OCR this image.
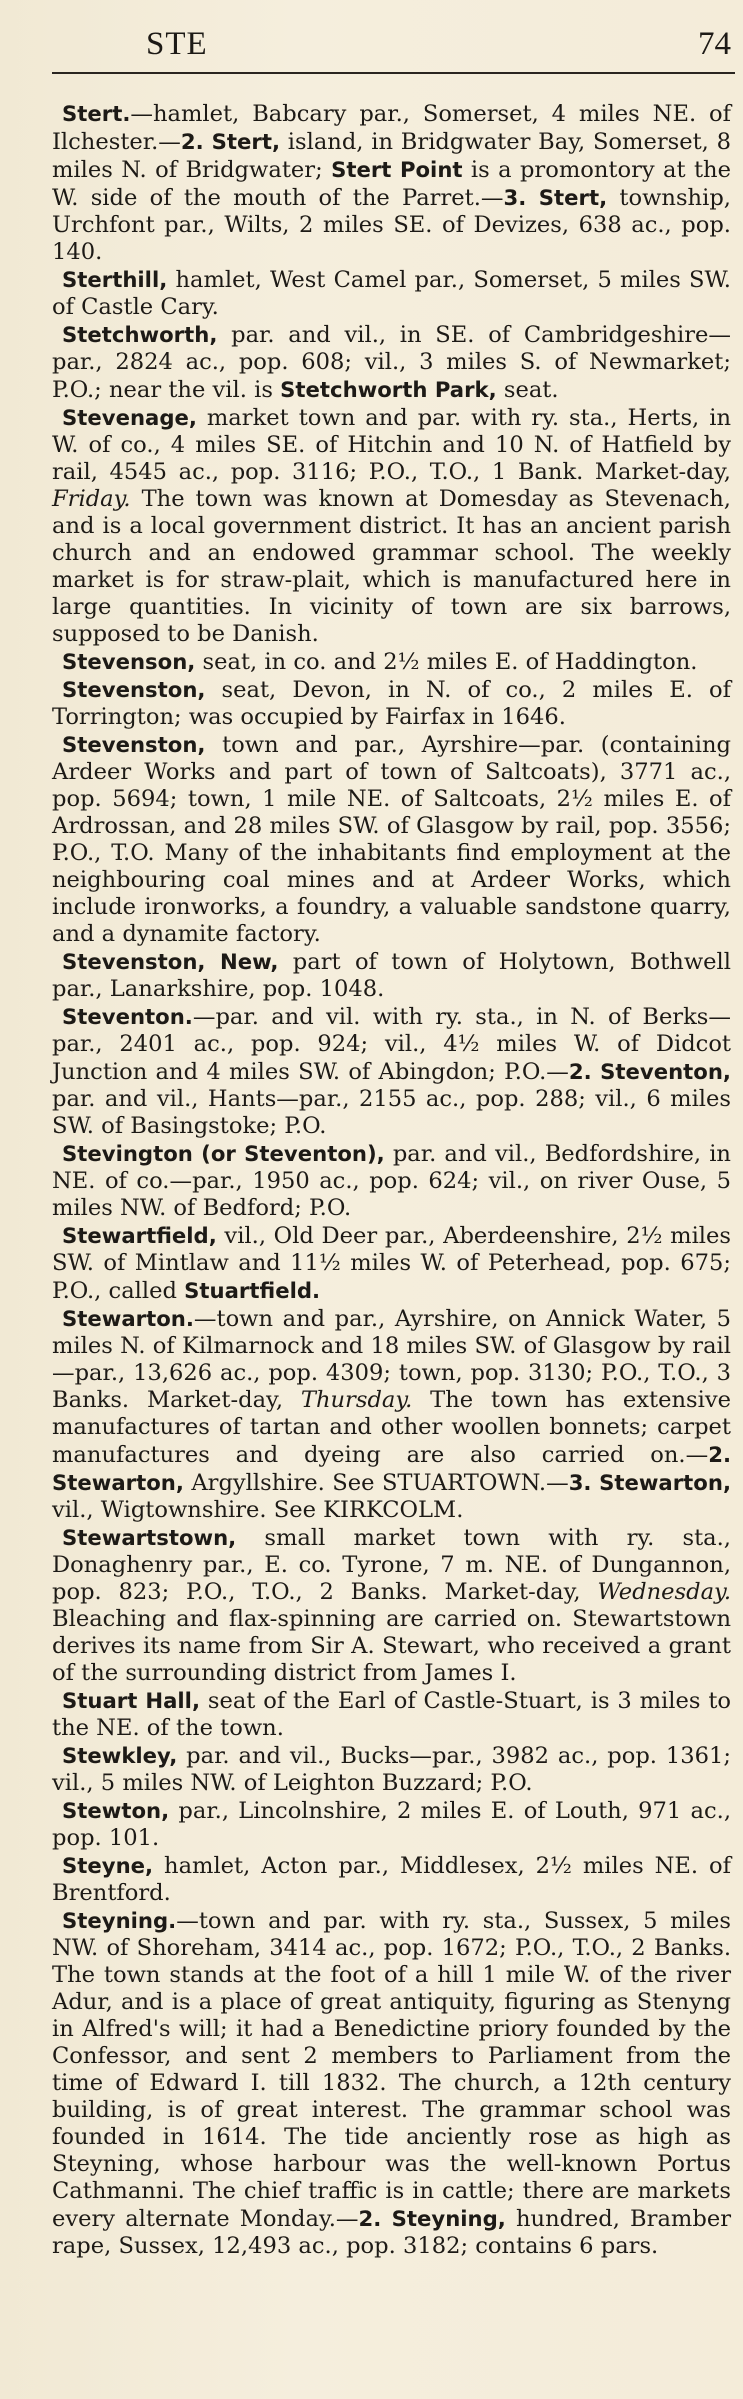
STE	74

Stert.—hamlet, Babcary par., Somerset, 4 miles NE. of Ilchester.—2. Stert, island, in Bridgwater Bay, Somerset, 8 miles N. of Bridgwater; Stert Point is a promontory at the W. side of the mouth of the Parret.—3. Stert, township, Urchfont par., Wilts, 2 miles SE. of Devizes, 638 ac., pop. 140.

Sterthill, hamlet, West Camel par., Somerset, 5 miles SW. of Castle Cary.

Stetchworth, par. and vil., in SE. of Cambridgeshire—par., 2824 ac., pop. 608; vil., 3 miles S. of Newmarket; P.O.; near the vil. is Stetchworth Park, seat.

Stevenage, market town and par. with ry. sta., Herts, in W. of co., 4 miles SE. of Hitchin and 10 N. of Hatfield by rail, 4545 ac., pop. 3116; P.O., T.O., 1 Bank. Market-day, Friday. The town was known at Domesday as Stevenach, and is a local government district. It has an ancient parish church and an endowed grammar school. The weekly market is for straw-plait, which is manufactured here in large quantities. In vicinity of town are six barrows, supposed to be Danish.

Stevenson, seat, in co. and 2½ miles E. of Haddington.

Stevenston, seat, Devon, in N. of co., 2 miles E. of Torrington; was occupied by Fairfax in 1646.

Stevenston, town and par., Ayrshire—par. (containing Ardeer Works and part of town of Saltcoats), 3771 ac., pop. 5694; town, 1 mile NE. of Saltcoats, 2½ miles E. of Ardrossan, and 28 miles SW. of Glasgow by rail, pop. 3556; P.O., T.O. Many of the inhabitants find employment at the neighbouring coal mines and at Ardeer Works, which include ironworks, a foundry, a valuable sandstone quarry, and a dynamite factory.

Stevenston, New, part of town of Holytown, Bothwell par., Lanarkshire, pop. 1048.

Steventon.—par. and vil. with ry. sta., in N. of Berks—par., 2401 ac., pop. 924; vil., 4½ miles W. of Didcot Junction and 4 miles SW. of Abingdon; P.O.—2. Steventon, par. and vil., Hants—par., 2155 ac., pop. 288; vil., 6 miles SW. of Basingstoke; P.O.

Stevington (or Steventon), par. and vil., Bedfordshire, in NE. of co.—par., 1950 ac., pop. 624; vil., on river Ouse, 5 miles NW. of Bedford; P.O.

Stewartfield, vil., Old Deer par., Aberdeenshire, 2½ miles SW. of Mintlaw and 11½ miles W. of Peterhead, pop. 675; P.O., called Stuartfield.

Stewarton.—town and par., Ayrshire, on Annick Water, 5 miles N. of Kilmarnock and 18 miles SW. of Glasgow by rail—par., 13,626 ac., pop. 4309; town, pop. 3130; P.O., T.O., 3 Banks. Market-day, Thursday. The town has extensive manufactures of tartan and other woollen bonnets; carpet manufactures and dyeing are also carried on.—2. Stewarton, Argyllshire. See STUARTOWN.—3. Stewarton, vil., Wigtownshire. See KIRKCOLM.

Stewartstown, small market town with ry. sta., Donaghenry par., E. co. Tyrone, 7 m. NE. of Dungannon, pop. 823; P.O., T.O., 2 Banks. Market-day, Wednesday. Bleaching and flax-spinning are carried on. Stewartstown derives its name from Sir A. Stewart, who received a grant of the surrounding district from James I.

Stuart Hall, seat of the Earl of Castle-Stuart, is 3 miles to the NE. of the town.

Stewkley, par. and vil., Bucks—par., 3982 ac., pop. 1361; vil., 5 miles NW. of Leighton Buzzard; P.O.

Stewton, par., Lincolnshire, 2 miles E. of Louth, 971 ac., pop. 101.

Steyne, hamlet, Acton par., Middlesex, 2½ miles NE. of Brentford.

Steyning.—town and par. with ry. sta., Sussex, 5 miles NW. of Shoreham, 3414 ac., pop. 1672; P.O., T.O., 2 Banks. The town stands at the foot of a hill 1 mile W. of the river Adur, and is a place of great antiquity, figuring as Stenyng in Alfred's will; it had a Benedictine priory founded by the Confessor, and sent 2 members to Parliament from the time of Edward I. till 1832. The church, a 12th century building, is of great interest. The grammar school was founded in 1614. The tide anciently rose as high as Steyning, whose harbour was the well-known Portus Cathmanni. The chief traffic is in cattle; there are markets every alternate Monday.—2. Steyning, hundred, Bramber rape, Sussex, 12,493 ac., pop. 3182; contains 6 pars.
